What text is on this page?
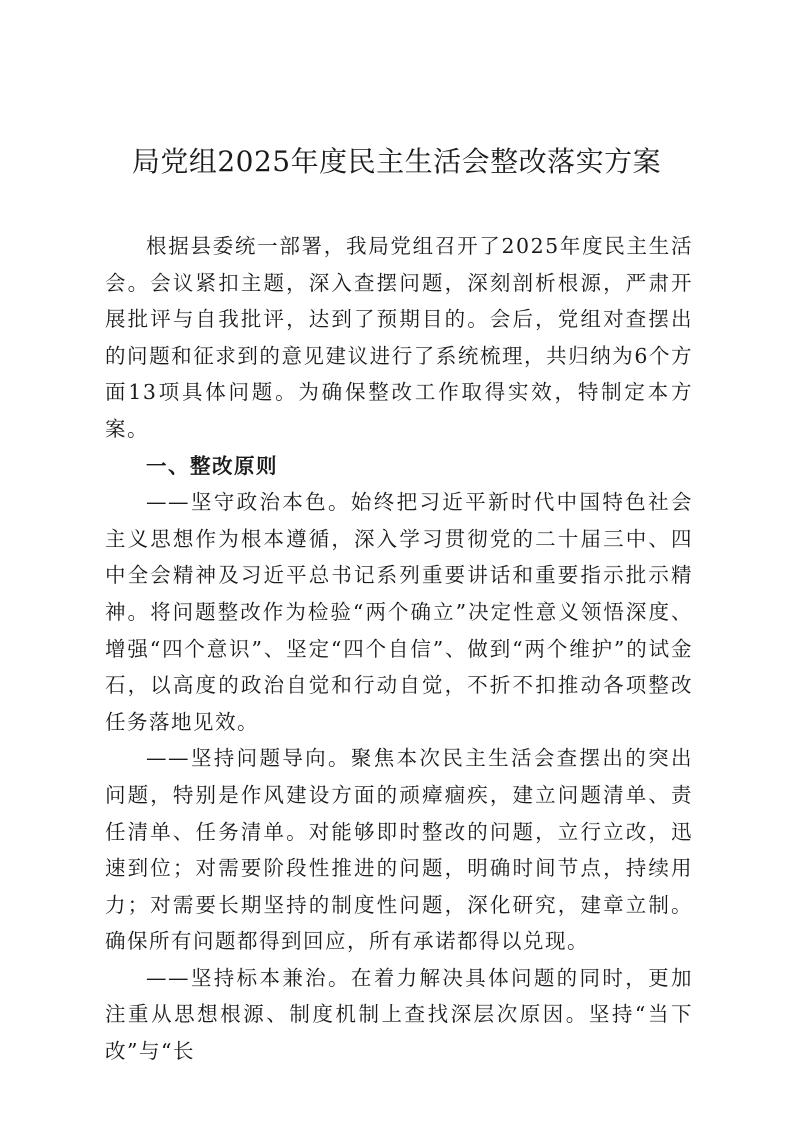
局党组2025年度民主生活会整改落实方案

根据县委统一部署，我局党组召开了2025年度民主生活会。会议紧扣主题，深入查摆问题，深刻剖析根源，严肃开展批评与自我批评，达到了预期目的。会后，党组对查摆出的问题和征求到的意见建议进行了系统梳理，共归纳为6个方面13项具体问题。为确保整改工作取得实效，特制定本方案。

一、整改原则

——坚守政治本色。始终把习近平新时代中国特色社会主义思想作为根本遵循，深入学习贯彻党的二十届三中、四中全会精神及习近平总书记系列重要讲话和重要指示批示精神。将问题整改作为检验“两个确立”决定性意义领悟深度、增强“四个意识”、坚定“四个自信”、做到“两个维护”的试金石，以高度的政治自觉和行动自觉，不折不扣推动各项整改任务落地见效。

——坚持问题导向。聚焦本次民主生活会查摆出的突出问题，特别是作风建设方面的顽瘴痼疾，建立问题清单、责任清单、任务清单。对能够即时整改的问题，立行立改，迅速到位；对需要阶段性推进的问题，明确时间节点，持续用力；对需要长期坚持的制度性问题，深化研究，建章立制。确保所有问题都得到回应，所有承诺都得以兑现。

——坚持标本兼治。在着力解决具体问题的同时，更加注重从思想根源、制度机制上查找深层次原因。坚持“当下改”与“长
